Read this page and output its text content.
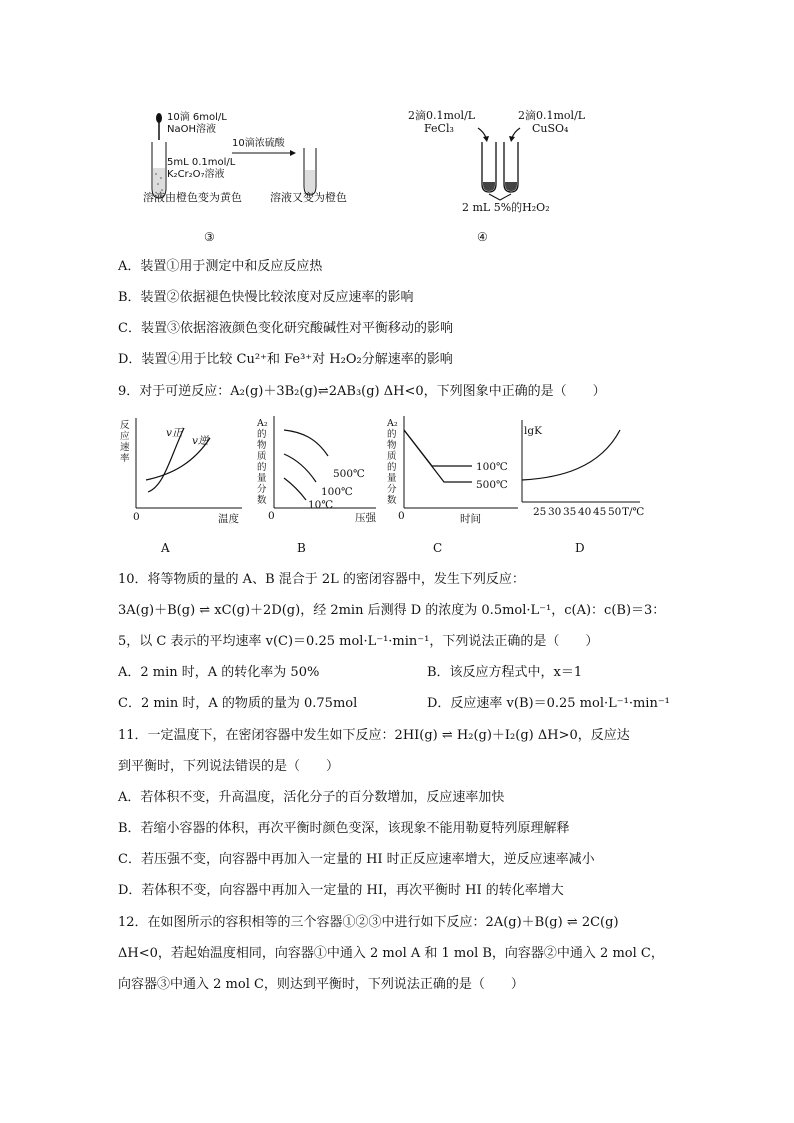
10滴 6mol/L
NaOH溶液
10滴浓硫酸
5mL 0.1mol/L
K₂Cr₂O₇溶液
溶液由橙色变为黄色	溶液又变为橙色
③
2滴0.1mol/L
FeCl₃
2滴0.1mol/L
CuSO₄
2 mL 5%的H₂O₂
④
A．装置①用于测定中和反应反应热
B．装置②依据褪色快慢比较浓度对反应速率的影响
C．装置③依据溶液颜色变化研究酸碱性对平衡移动的影响
D．装置④用于比较 Cu²⁺和 Fe³⁺对 H₂O₂分解速率的影响
9．对于可逆反应：A₂(g)＋3B₂(g)⇌2AB₃(g) ΔH<0，下列图象中正确的是（　　）
反应速率
v正
v逆
0	温度
A
A₂的物质的量分数
500℃
100℃
10℃
0	压强
B
A₂的物质的量分数
100℃
500℃
0	时间
C
lgK
25 30 35 40 45 50 T/℃
D
10．将等物质的量的 A、B 混合于 2L 的密闭容器中，发生下列反应：
3A(g)＋B(g) ⇌ xC(g)＋2D(g)，经 2min 后测得 D 的浓度为 0.5mol·L⁻¹，c(A)：c(B)＝3：
5，以 C 表示的平均速率 v(C)＝0.25 mol·L⁻¹·min⁻¹，下列说法正确的是（　　）
A．2 min 时，A 的转化率为 50%	B．该反应方程式中，x＝1
C．2 min 时，A 的物质的量为 0.75mol	D．反应速率 v(B)＝0.25 mol·L⁻¹·min⁻¹
11．一定温度下，在密闭容器中发生如下反应：2HI(g) ⇌ H₂(g)＋I₂(g) ΔH>0，反应达
到平衡时，下列说法错误的是（　　）
A．若体积不变，升高温度，活化分子的百分数增加，反应速率加快
B．若缩小容器的体积，再次平衡时颜色变深，该现象不能用勒夏特列原理解释
C．若压强不变，向容器中再加入一定量的 HI 时正反应速率增大，逆反应速率减小
D．若体积不变，向容器中再加入一定量的 HI，再次平衡时 HI 的转化率增大
12．在如图所示的容积相等的三个容器①②③中进行如下反应：2A(g)＋B(g) ⇌ 2C(g)
ΔH<0，若起始温度相同，向容器①中通入 2 mol A 和 1 mol B，向容器②中通入 2 mol C，
向容器③中通入 2 mol C，则达到平衡时，下列说法正确的是（　　）
